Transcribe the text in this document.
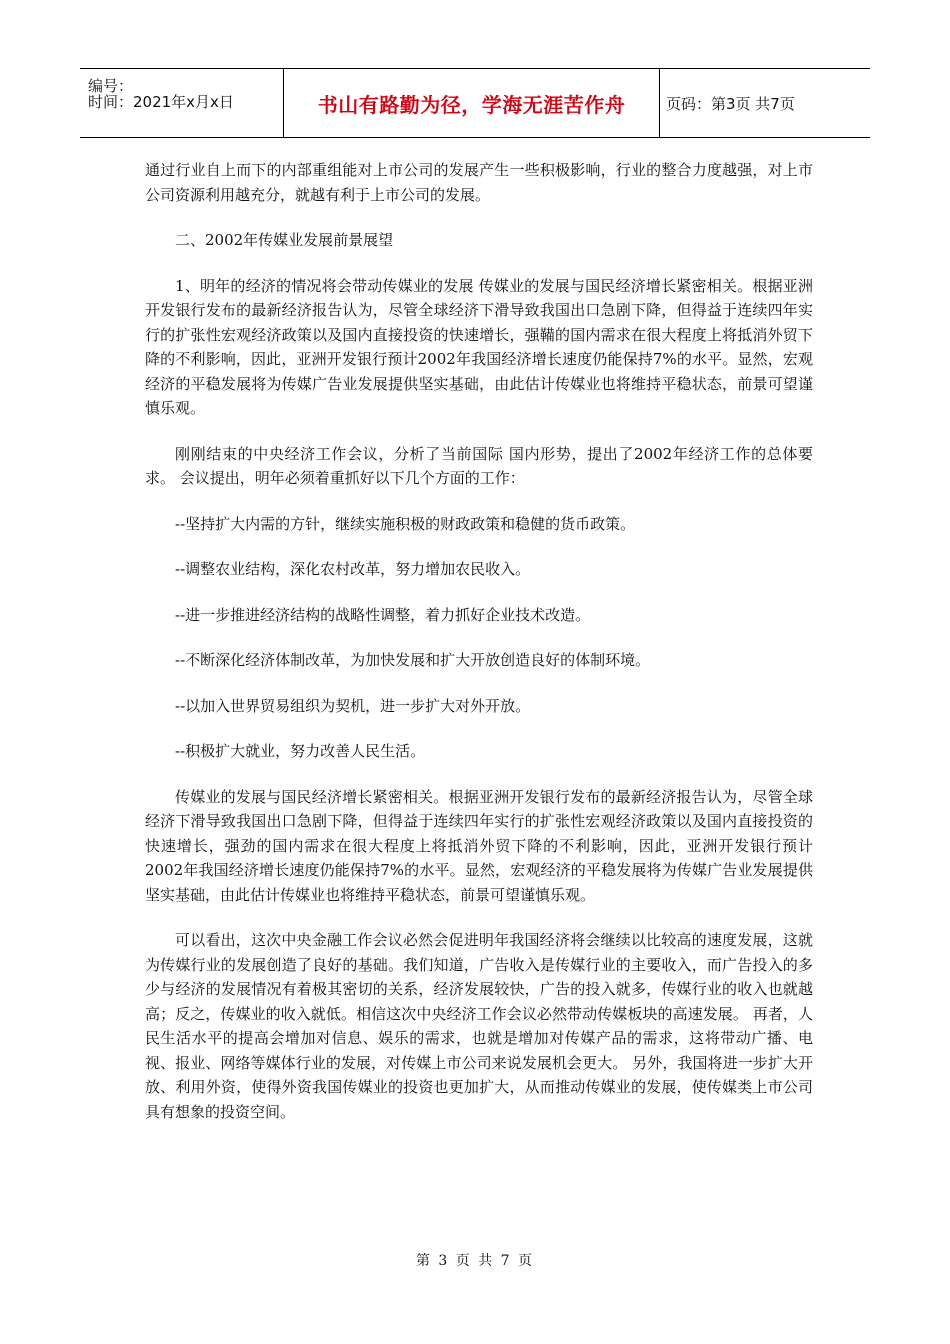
编号：
时间：2021年x月x日	书山有路勤为径，学海无涯苦作舟	页码：第3页 共7页

通过行业自上而下的内部重组能对上市公司的发展产生一些积极影响，行业的整合力度越强，对上市公司资源利用越充分，就越有利于上市公司的发展。

二、2002年传媒业发展前景展望

1、明年的经济的情况将会带动传媒业的发展 传媒业的发展与国民经济增长紧密相关。根据亚洲开发银行发布的最新经济报告认为，尽管全球经济下滑导致我国出口急剧下降，但得益于连续四年实行的扩张性宏观经济政策以及国内直接投资的快速增长，强鞴的国内需求在很大程度上将抵消外贸下降的不利影响，因此，亚洲开发银行预计2002年我国经济增长速度仍能保持7%的水平。显然，宏观经济的平稳发展将为传媒广告业发展提供坚实基础，由此估计传媒业也将维持平稳状态，前景可望谨慎乐观。

刚刚结束的中央经济工作会议，分析了当前国际 国内形势，提出了2002年经济工作的总体要求。 会议提出，明年必须着重抓好以下几个方面的工作：

--坚持扩大内需的方针，继续实施积极的财政政策和稳健的货币政策。

--调整农业结构，深化农村改革，努力增加农民收入。

--进一步推进经济结构的战略性调整，着力抓好企业技术改造。

--不断深化经济体制改革，为加快发展和扩大开放创造良好的体制环境。

--以加入世界贸易组织为契机，进一步扩大对外开放。

--积极扩大就业，努力改善人民生活。

传媒业的发展与国民经济增长紧密相关。根据亚洲开发银行发布的最新经济报告认为，尽管全球经济下滑导致我国出口急剧下降，但得益于连续四年实行的扩张性宏观经济政策以及国内直接投资的快速增长，强劲的国内需求在很大程度上将抵消外贸下降的不利影响，因此，亚洲开发银行预计2002年我国经济增长速度仍能保持7%的水平。显然，宏观经济的平稳发展将为传媒广告业发展提供坚实基础，由此估计传媒业也将维持平稳状态，前景可望谨慎乐观。

可以看出，这次中央金融工作会议必然会促进明年我国经济将会继续以比较高的速度发展，这就为传媒行业的发展创造了良好的基础。我们知道，广告收入是传媒行业的主要收入，而广告投入的多少与经济的发展情况有着极其密切的关系，经济发展较快，广告的投入就多，传媒行业的收入也就越高；反之，传媒业的收入就低。相信这次中央经济工作会议必然带动传媒板块的高速发展。 再者，人民生活水平的提高会增加对信息、娱乐的需求，也就是增加对传媒产品的需求，这将带动广播、电视、报业、网络等媒体行业的发展，对传媒上市公司来说发展机会更大。 另外，我国将进一步扩大开放、利用外资，使得外资我国传媒业的投资也更加扩大，从而推动传媒业的发展，使传媒类上市公司具有想象的投资空间。

第 3 页 共 7 页
